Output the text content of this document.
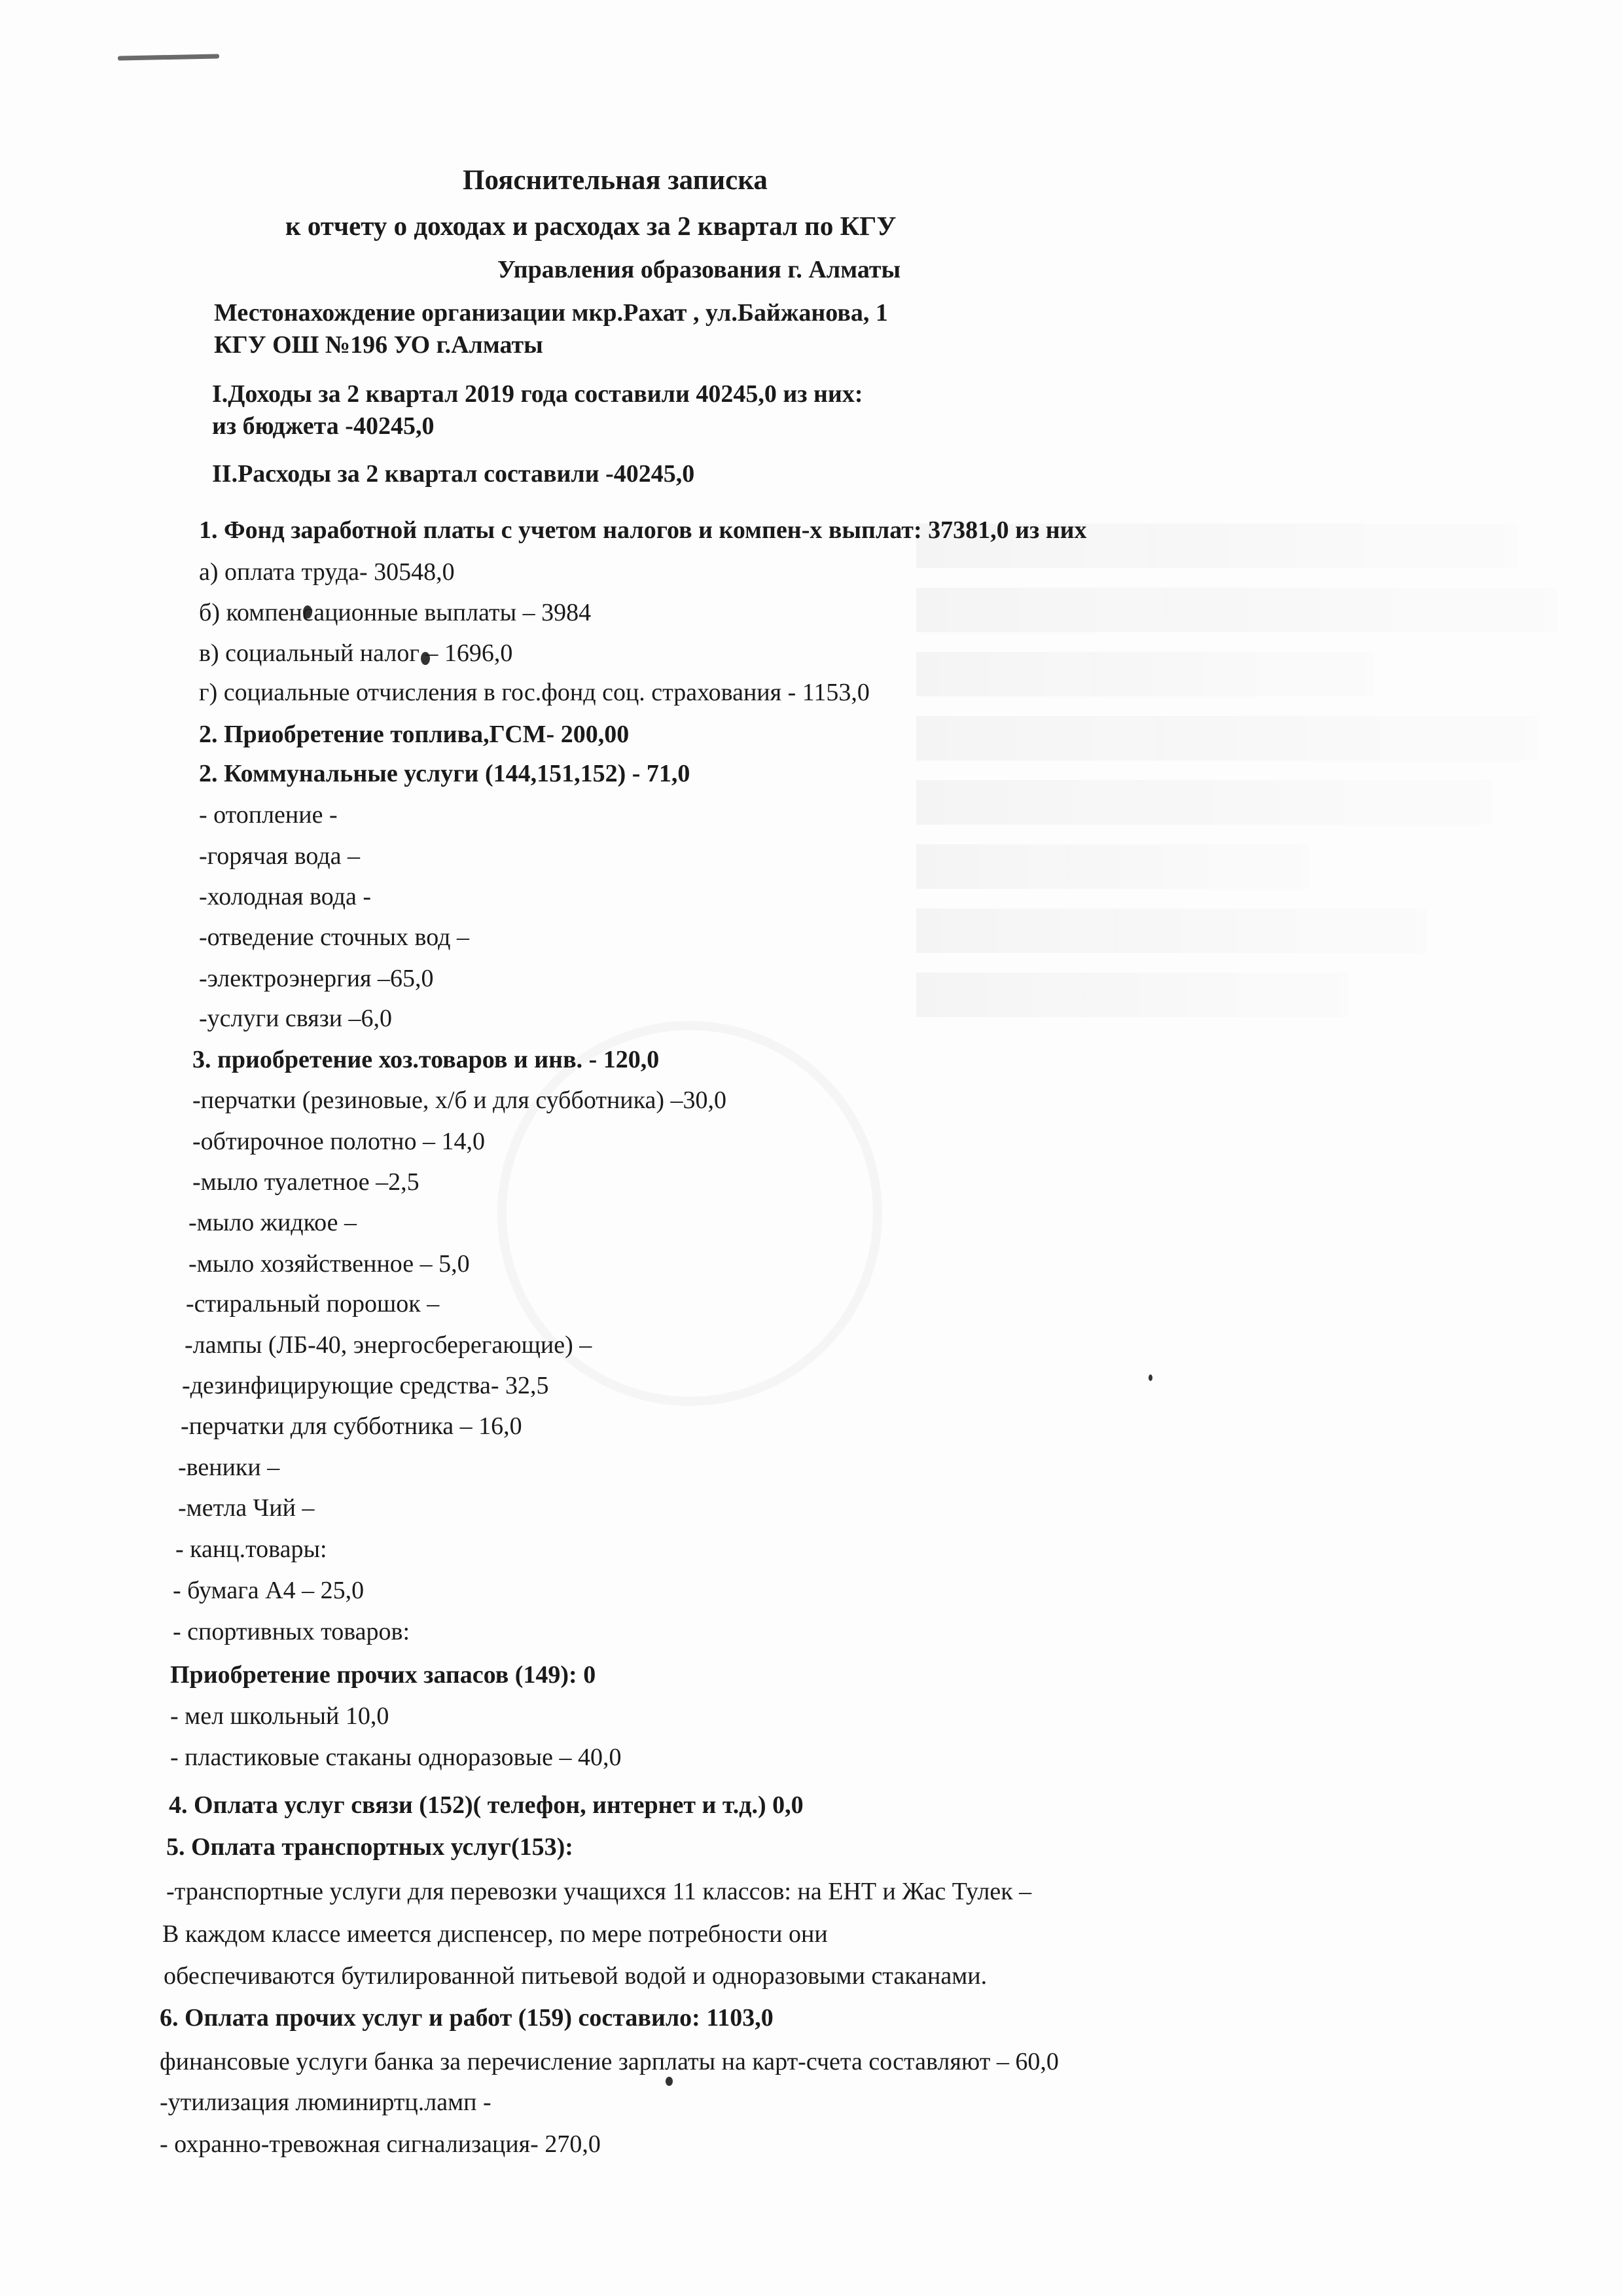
Пояснительная записка
к отчету о доходах и расходах за 2 квартал по КГУ
Управления образования г. Алматы
Местонахождение организации мкр.Рахат , ул.Байжанова, 1
КГУ ОШ №196 УО г.Алматы
I.Доходы за 2 квартал 2019 года составили 40245,0 из них:
из бюджета -40245,0
II.Расходы за 2 квартал составили -40245,0
1. Фонд заработной платы с учетом налогов и компен-х выплат: 37381,0 из них
а) оплата труда- 30548,0
б) компенсационные выплаты – 3984
в) социальный налог – 1696,0
г) социальные отчисления в гос.фонд соц. страхования - 1153,0
2. Приобретение топлива,ГСМ- 200,00
2. Коммунальные услуги (144,151,152) - 71,0
- отопление -
-горячая вода –
-холодная вода -
-отведение сточных вод –
-электроэнергия –65,0
-услуги связи –6,0
3. приобретение хоз.товаров и инв. - 120,0
-перчатки (резиновые, х/б и для субботника) –30,0
-обтирочное полотно – 14,0
-мыло туалетное –2,5
-мыло жидкое –
-мыло хозяйственное – 5,0
-стиральный порошок –
-лампы (ЛБ-40, энергосберегающие) –
-дезинфицирующие средства- 32,5
-перчатки для субботника – 16,0
-веники –
-метла Чий –
- канц.товары:
- бумага А4 – 25,0
- спортивных товаров:
Приобретение прочих запасов (149): 0
- мел школьный 10,0
- пластиковые стаканы одноразовые – 40,0
4. Оплата услуг связи (152)( телефон, интернет и т.д.) 0,0
5. Оплата транспортных услуг(153):
-транспортные услуги для перевозки учащихся 11 классов: на ЕНТ и Жас Тулек –
В каждом классе имеется диспенсер, по мере потребности они
обеспечиваются бутилированной питьевой водой и одноразовыми стаканами.
6. Оплата прочих услуг и работ (159) составило: 1103,0
финансовые услуги банка за перечисление зарплаты на карт-счета составляют – 60,0
-утилизация люминиртц.ламп -
- охранно-тревожная сигнализация- 270,0
